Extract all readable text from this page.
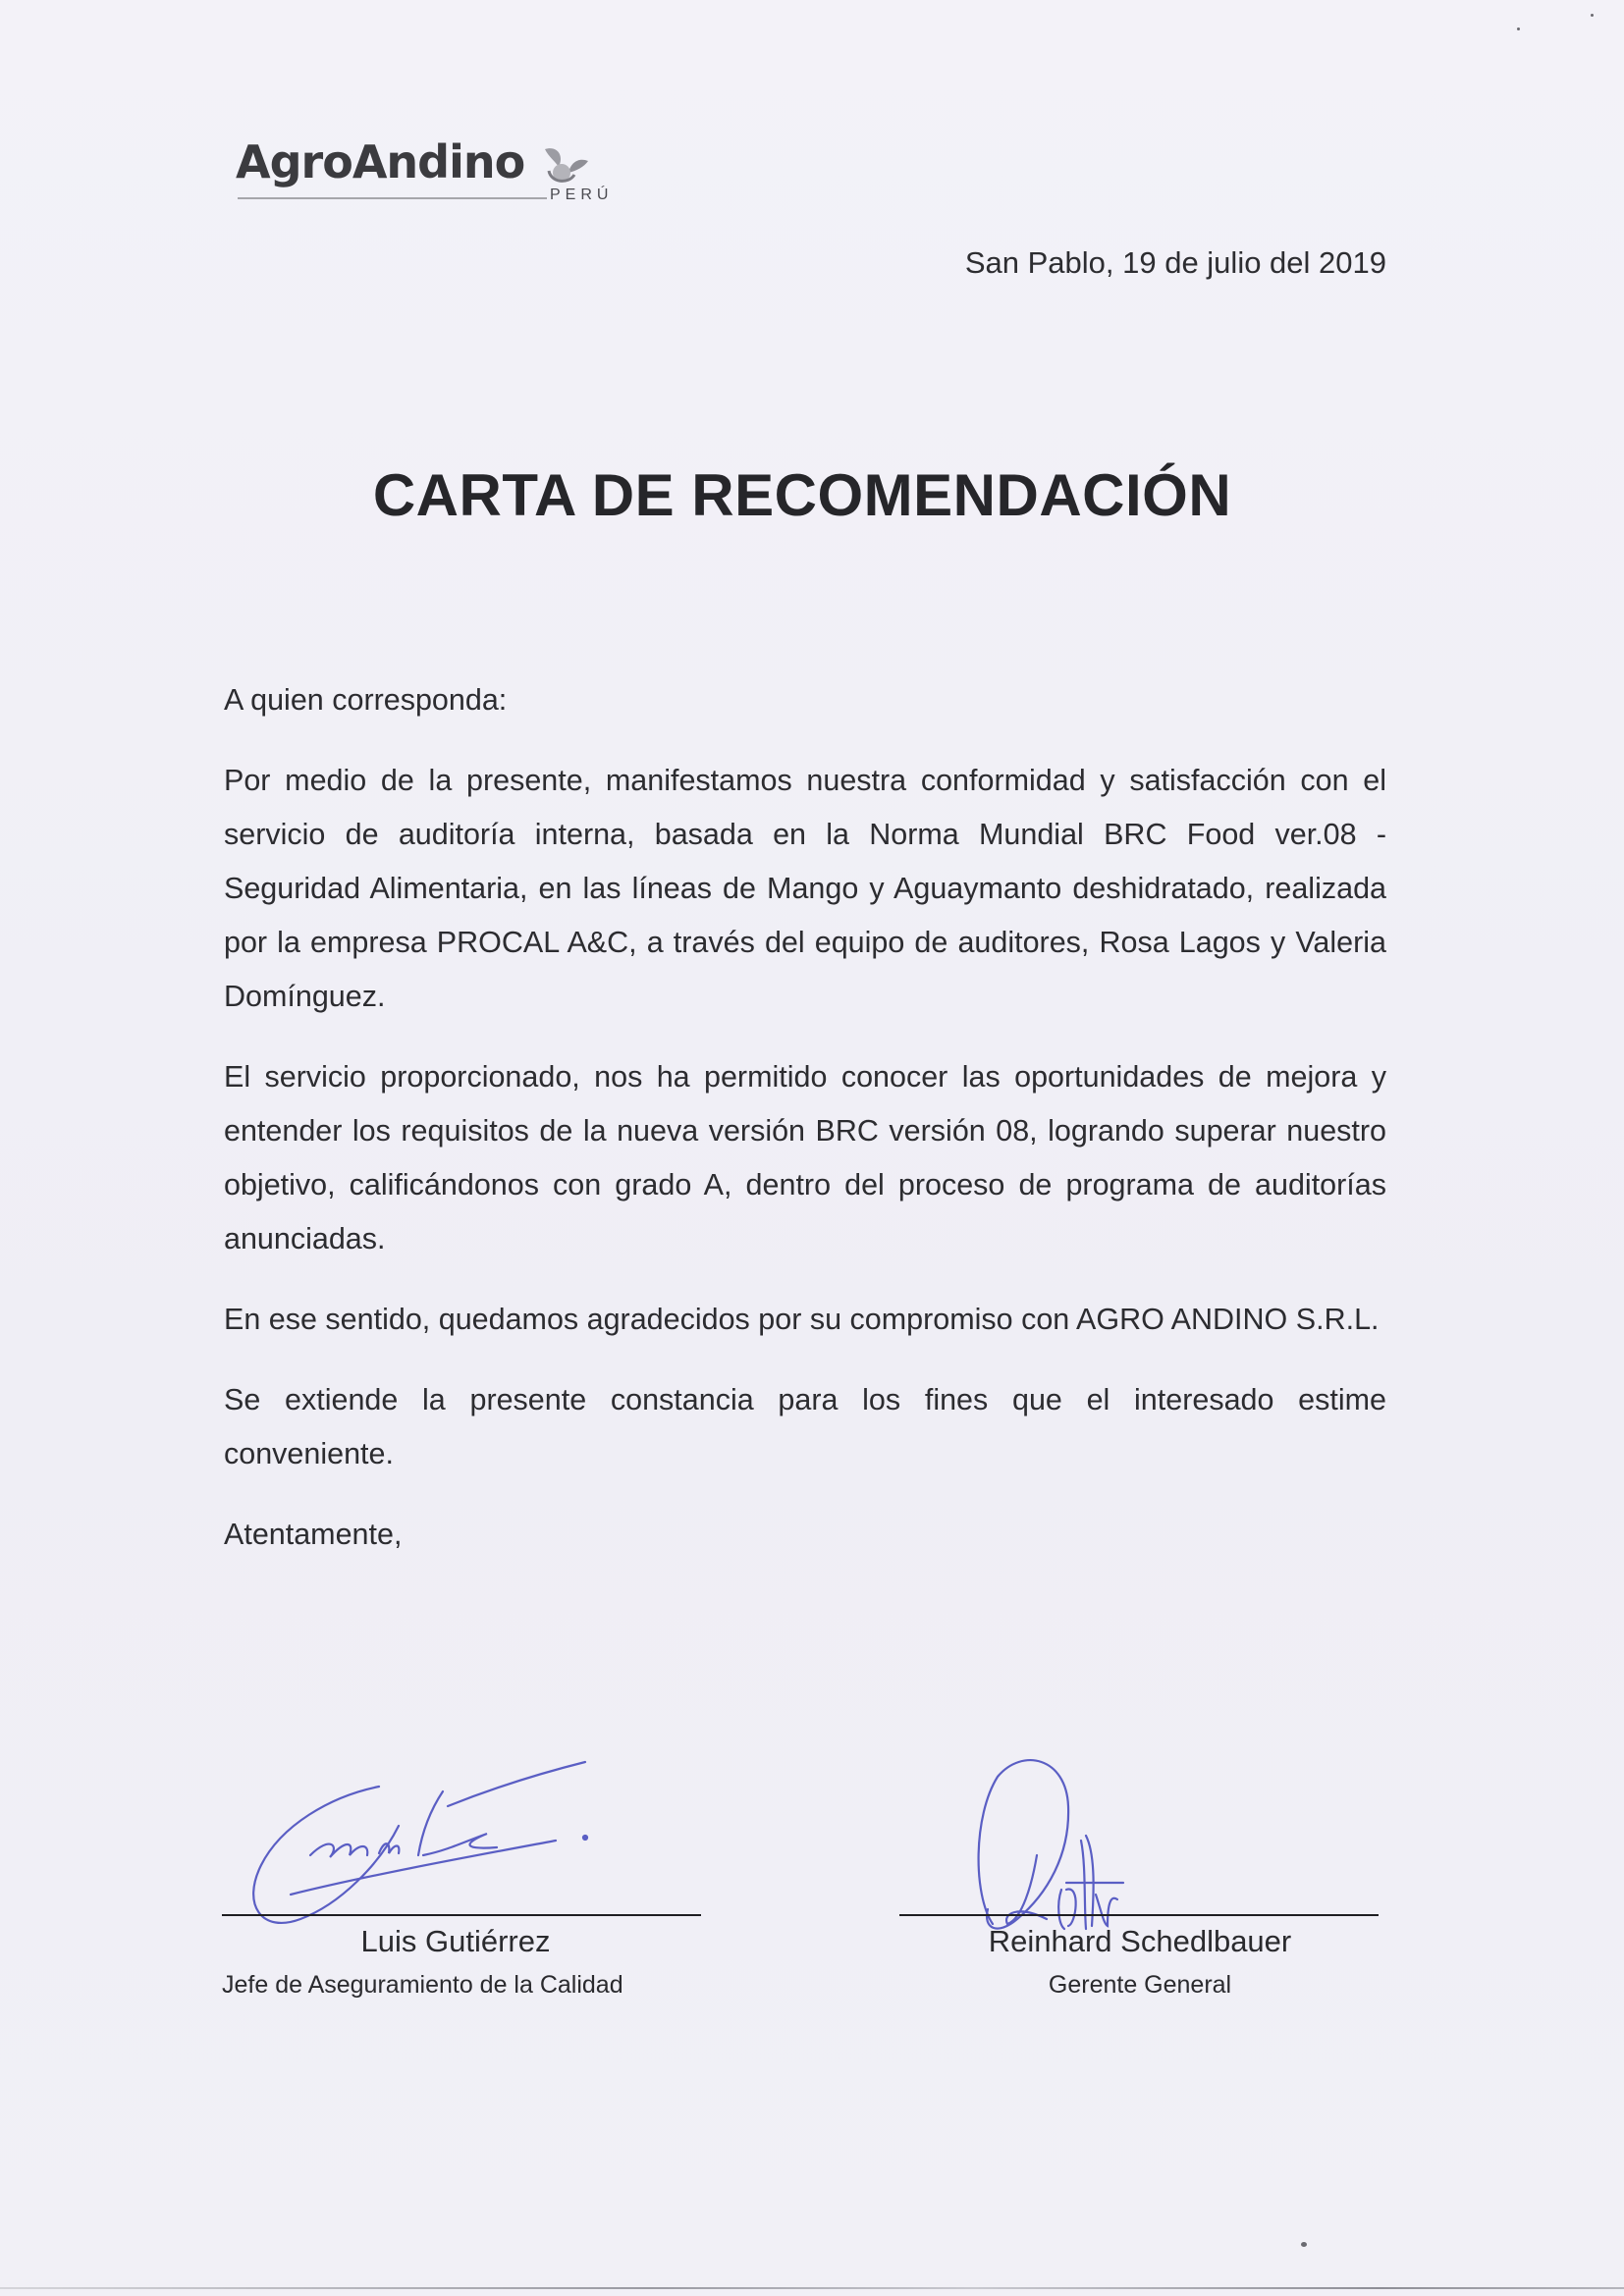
AgroAndino
PERÚ
San Pablo, 19 de julio del 2019
CARTA DE RECOMENDACIÓN

A quien corresponda:

Por medio de la presente, manifestamos nuestra conformidad y satisfacción con el servicio de auditoría interna, basada en la Norma Mundial BRC Food ver.08 - Seguridad Alimentaria, en las líneas de Mango y Aguaymanto deshidratado, realizada por la empresa PROCAL A&C, a través del equipo de auditores, Rosa Lagos y Valeria Domínguez.

El servicio proporcionado, nos ha permitido conocer las oportunidades de mejora y entender los requisitos de la nueva versión BRC versión 08, logrando superar nuestro objetivo, calificándonos con grado A, dentro del proceso de programa de auditorías anunciadas.

En ese sentido, quedamos agradecidos por su compromiso con AGRO ANDINO S.R.L.

Se extiende la presente constancia para los fines que el interesado estime conveniente.

Atentamente,

Luis Gutiérrez
Jefe de Aseguramiento de la Calidad
Reinhard Schedlbauer
Gerente General
